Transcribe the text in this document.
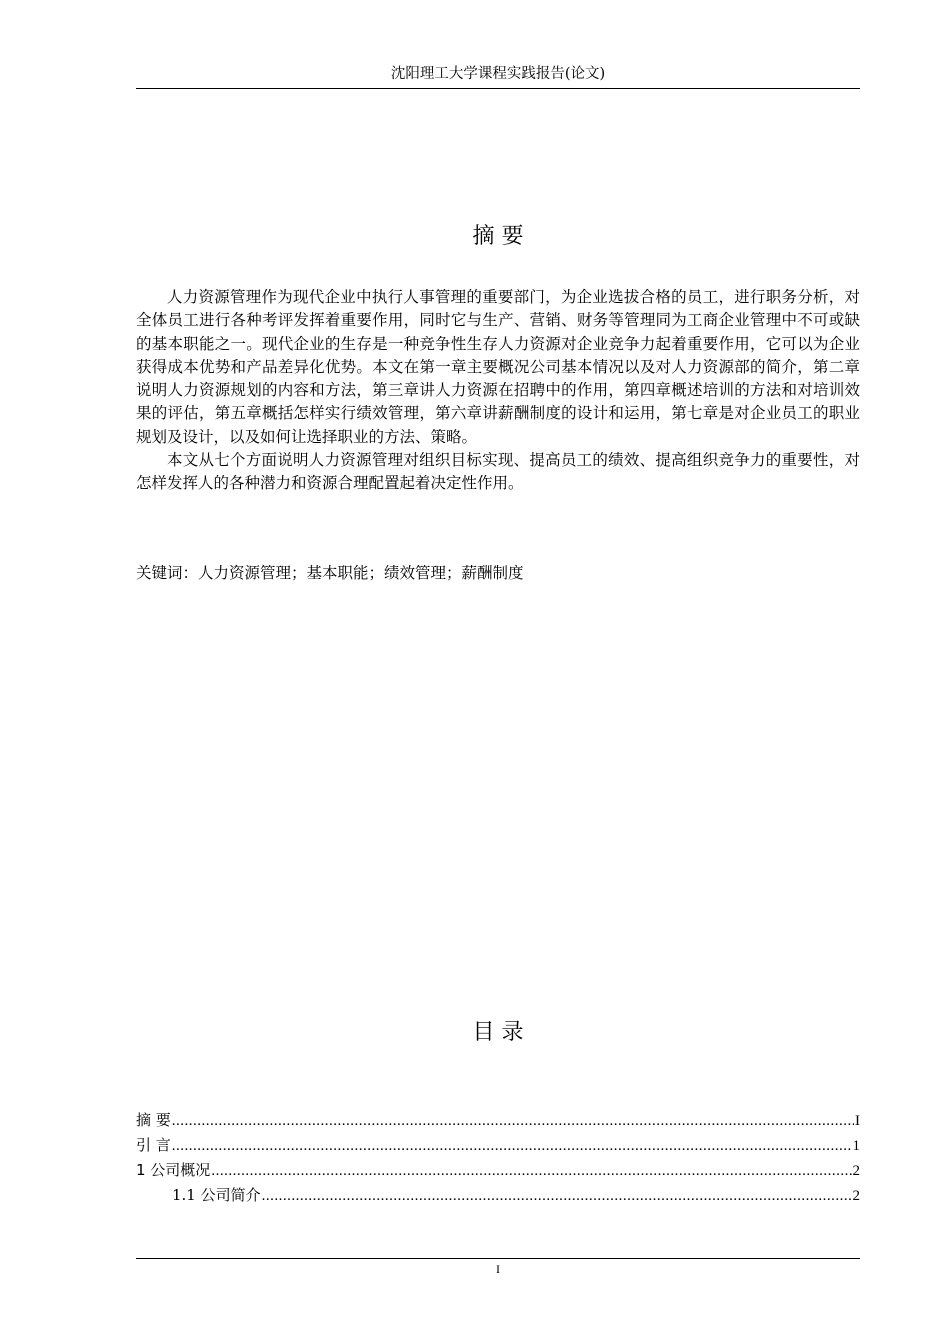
沈阳理工大学课程实践报告(论文)
摘 要

人力资源管理作为现代企业中执行人事管理的重要部门，为企业选拔合格的员工，进行职务分析，对全体员工进行各种考评发挥着重要作用，同时它与生产、营销、财务等管理同为工商企业管理中不可或缺的基本职能之一。现代企业的生存是一种竞争性生存人力资源对企业竞争力起着重要作用，它可以为企业获得成本优势和产品差异化优势。本文在第一章主要概况公司基本情况以及对人力资源部的简介，第二章说明人力资源规划的内容和方法，第三章讲人力资源在招聘中的作用，第四章概述培训的方法和对培训效果的评估，第五章概括怎样实行绩效管理，第六章讲薪酬制度的设计和运用，第七章是对企业员工的职业规划及设计，以及如何让选择职业的方法、策略。

本文从七个方面说明人力资源管理对组织目标实现、提高员工的绩效、提高组织竞争力的重要性，对怎样发挥人的各种潜力和资源合理配置起着决定性作用。

关键词：人力资源管理；基本职能；绩效管理；薪酬制度
目 录
摘 要 .....	I
引 言 .....	1
1 公司概况 .....	2
1.1 公司简介 .....	2
I
